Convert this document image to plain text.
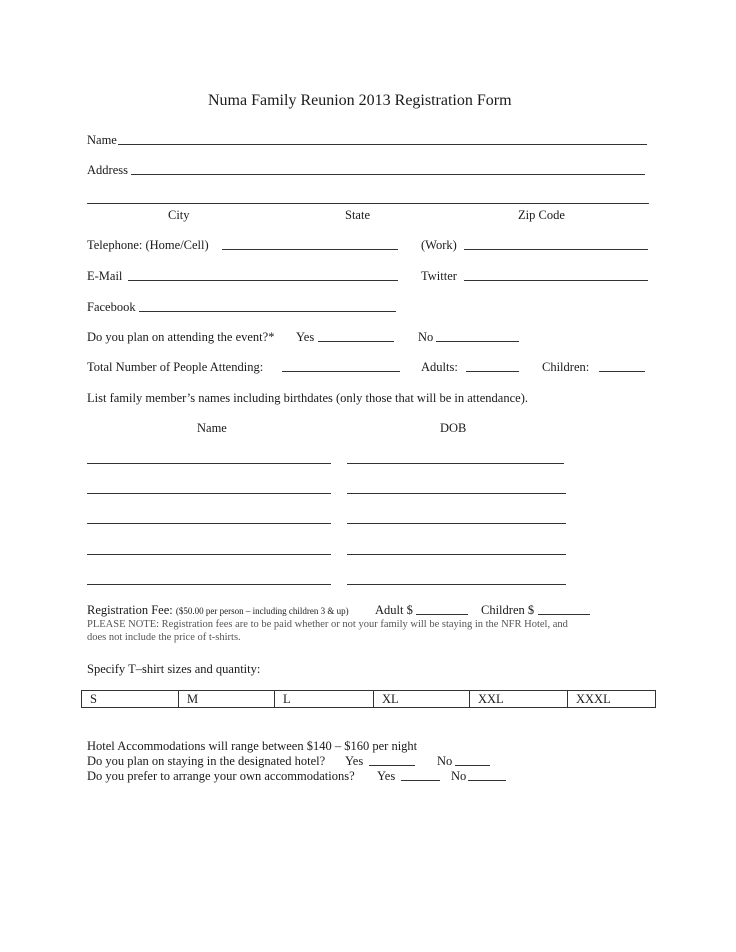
Numa Family Reunion 2013 Registration Form
Name
Address
City	State	Zip Code
Telephone: (Home/Cell)	(Work)
E-Mail	Twitter
Facebook
Do you plan on attending the event?* Yes	No
Total Number of People Attending:	Adults:	Children:
List family member’s names including birthdates (only those that will be in attendance).
Name	DOB
Registration Fee: ($50.00 per person – including children 3 & up) Adult $	Children $
PLEASE NOTE: Registration fees are to be paid whether or not your family will be staying in the NFR Hotel, and
does not include the price of t-shirts.
Specify T–shirt sizes and quantity:
S	M	L	XL	XXL	XXXL
Hotel Accommodations will range between $140 – $160 per night
Do you plan on staying in the designated hotel? Yes	No
Do you prefer to arrange your own accommodations? Yes	No
